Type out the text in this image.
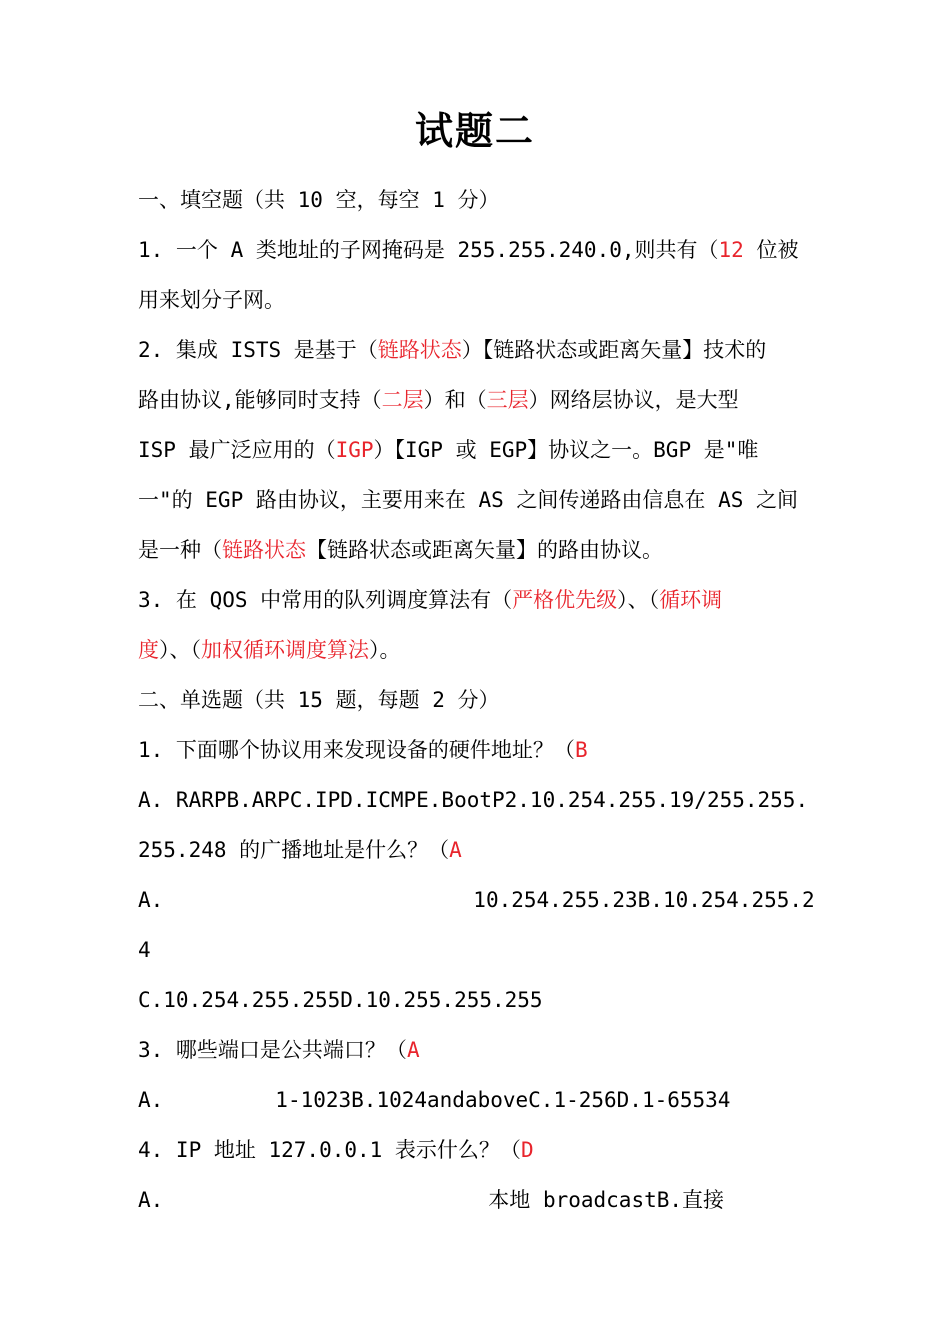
试题二
一、填空题（共 10 空，每空 1 分）
1. 一个 A 类地址的子网掩码是 255.255.240.0,则共有（12 位被
用来划分子网。
2. 集成 ISTS 是基于（链路状态）【链路状态或距离矢量】技术的
路由协议,能够同时支持（二层）和（三层）网络层协议，是大型
ISP 最广泛应用的（IGP）【IGP 或 EGP】协议之一。BGP 是"唯
一"的 EGP 路由协议，主要用来在 AS 之间传递路由信息在 AS 之间
是一种（链路状态【链路状态或距离矢量】的路由协议。
3. 在 QOS 中常用的队列调度算法有（严格优先级）、（循环调
度）、（加权循环调度算法）。
二、单选题（共 15 题，每题 2 分）
1. 下面哪个协议用来发现设备的硬件地址？（B
A. RARPB.ARPC.IPD.ICMPE.BootP2.10.254.255.19/255.255.
255.248 的广播地址是什么？（A
A.	10.254.255.23B.10.254.255.2
4
C.10.254.255.255D.10.255.255.255
3. 哪些端口是公共端口？（A
A.	1-1023B.1024andaboveC.1-256D.1-65534
4. IP 地址 127.0.0.1 表示什么？（D
A.	本地 broadcastB.直接
